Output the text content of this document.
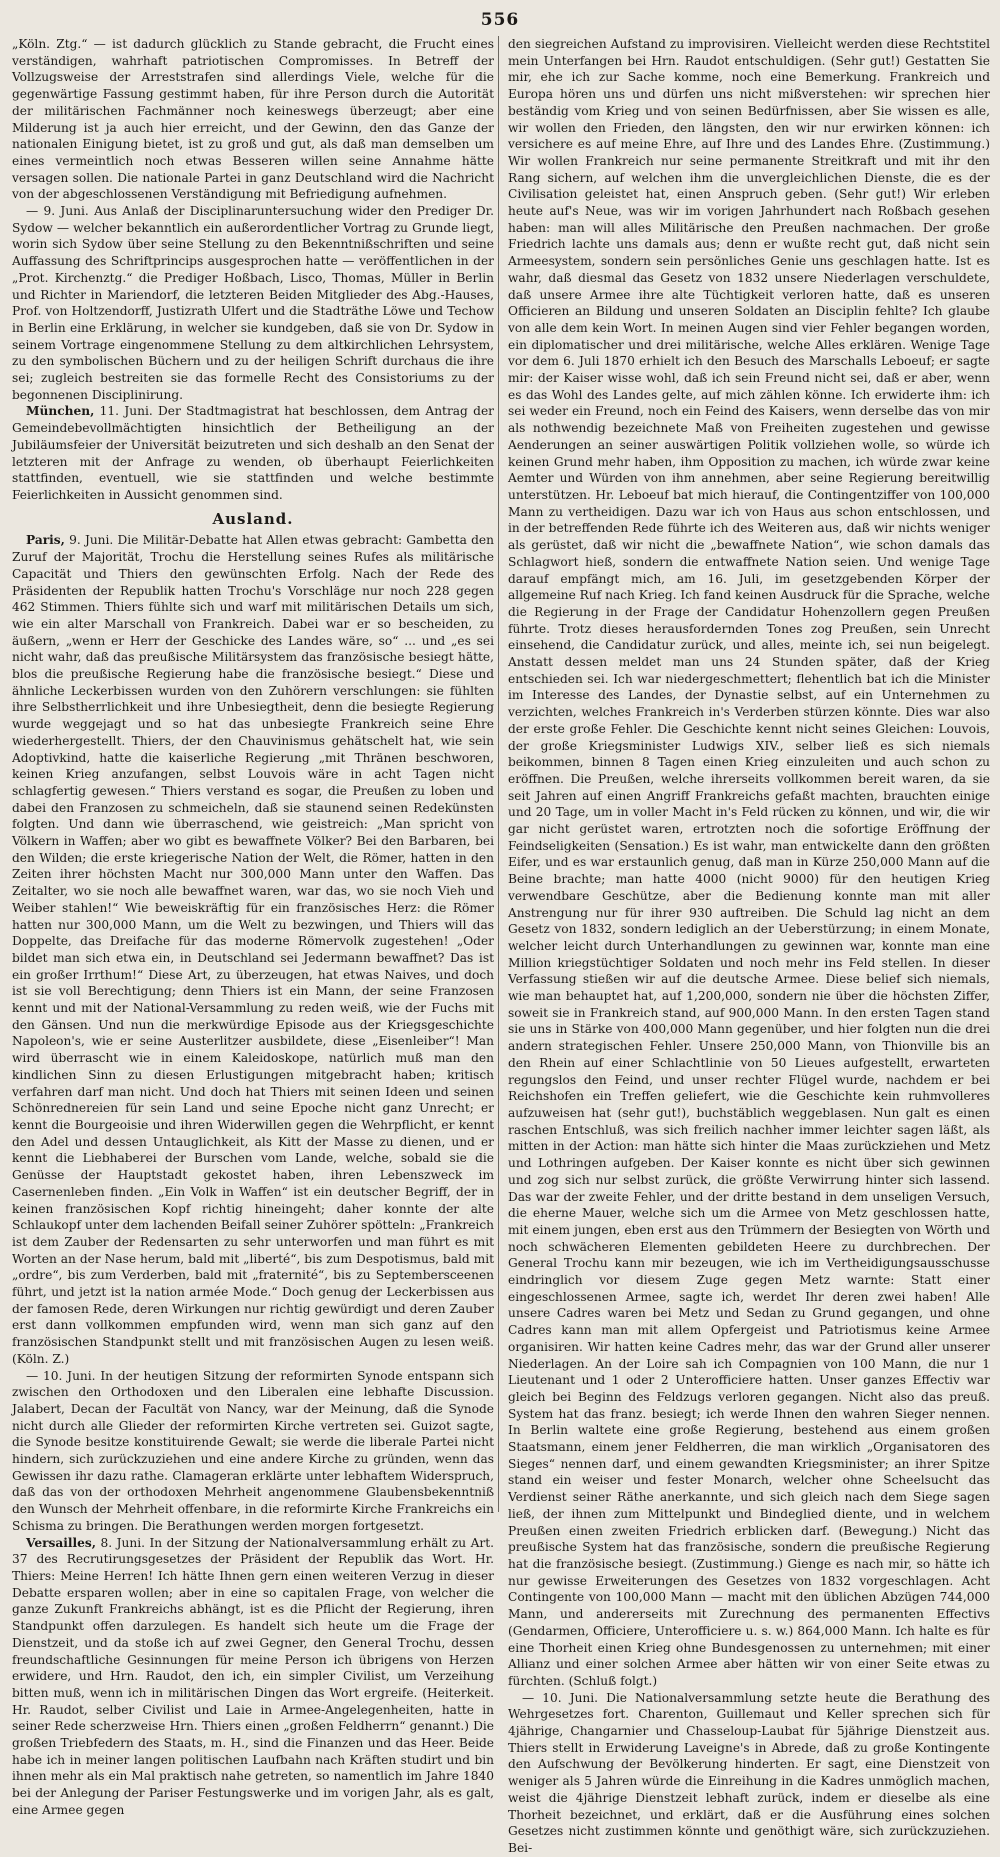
556

„Köln. Ztg.“ — ist dadurch glücklich zu Stande gebracht, die Frucht eines verständigen, wahrhaft patriotischen Compromisses. In Betreff der Vollzugsweise der Arreststrafen sind allerdings Viele, welche für die gegenwärtige Fassung gestimmt haben, für ihre Person durch die Autorität der militärischen Fachmänner noch keineswegs überzeugt; aber eine Milderung ist ja auch hier erreicht, und der Gewinn, den das Ganze der nationalen Einigung bietet, ist zu groß und gut, als daß man demselben um eines vermeintlich noch etwas Besseren willen seine Annahme hätte versagen sollen. Die nationale Partei in ganz Deutschland wird die Nachricht von der abgeschlossenen Verständigung mit Befriedigung aufnehmen.

— 9. Juni. Aus Anlaß der Disciplinaruntersuchung wider den Prediger Dr. Sydow — welcher bekanntlich ein außerordentlicher Vortrag zu Grunde liegt, worin sich Sydow über seine Stellung zu den Bekenntnißschriften und seine Auffassung des Schriftprincips ausgesprochen hatte — veröffentlichen in der „Prot. Kirchenztg.“ die Prediger Hoßbach, Lisco, Thomas, Müller in Berlin und Richter in Mariendorf, die letzteren Beiden Mitglieder des Abg.-Hauses, Prof. von Holtzendorff, Justizrath Ulfert und die Stadträthe Löwe und Techow in Berlin eine Erklärung, in welcher sie kundgeben, daß sie von Dr. Sydow in seinem Vortrage eingenommene Stellung zu dem altkirchlichen Lehrsystem, zu den symbolischen Büchern und zu der heiligen Schrift durchaus die ihre sei; zugleich bestreiten sie das formelle Recht des Consistoriums zu der begonnenen Disciplinirung.

München, 11. Juni. Der Stadtmagistrat hat beschlossen, dem Antrag der Gemeindebevollmächtigten hinsichtlich der Betheiligung an der Jubiläumsfeier der Universität beizutreten und sich deshalb an den Senat der letzteren mit der Anfrage zu wenden, ob überhaupt Feierlichkeiten stattfinden, eventuell, wie sie stattfinden und welche bestimmte Feierlichkeiten in Aussicht genommen sind.

Ausland.

Paris, 9. Juni. Die Militär-Debatte hat Allen etwas gebracht: Gambetta den Zuruf der Majorität, Trochu die Herstellung seines Rufes als militärische Capacität und Thiers den gewünschten Erfolg. Nach der Rede des Präsidenten der Republik hatten Trochu's Vorschläge nur noch 228 gegen 462 Stimmen. Thiers fühlte sich und warf mit militärischen Details um sich, wie ein alter Marschall von Frankreich. Dabei war er so bescheiden, zu äußern, „wenn er Herr der Geschicke des Landes wäre, so“ ... und „es sei nicht wahr, daß das preußische Militärsystem das französische besiegt hätte, blos die preußische Regierung habe die französische besiegt.“ Diese und ähnliche Leckerbissen wurden von den Zuhörern verschlungen: sie fühlten ihre Selbstherrlichkeit und ihre Unbesiegtheit, denn die besiegte Regierung wurde weggejagt und so hat das unbesiegte Frankreich seine Ehre wiederhergestellt. Thiers, der den Chauvinismus gehätschelt hat, wie sein Adoptivkind, hatte die kaiserliche Regierung „mit Thränen beschworen, keinen Krieg anzufangen, selbst Louvois wäre in acht Tagen nicht schlagfertig gewesen.“ Thiers verstand es sogar, die Preußen zu loben und dabei den Franzosen zu schmeicheln, daß sie staunend seinen Redekünsten folgten. Und dann wie überraschend, wie geistreich: „Man spricht von Völkern in Waffen; aber wo gibt es bewaffnete Völker? Bei den Barbaren, bei den Wilden; die erste kriegerische Nation der Welt, die Römer, hatten in den Zeiten ihrer höchsten Macht nur 300,000 Mann unter den Waffen. Das Zeitalter, wo sie noch alle bewaffnet waren, war das, wo sie noch Vieh und Weiber stahlen!“ Wie beweiskräftig für ein französisches Herz: die Römer hatten nur 300,000 Mann, um die Welt zu bezwingen, und Thiers will das Doppelte, das Dreifache für das moderne Römervolk zugestehen! „Oder bildet man sich etwa ein, in Deutschland sei Jedermann bewaffnet? Das ist ein großer Irrthum!“ Diese Art, zu überzeugen, hat etwas Naives, und doch ist sie voll Berechtigung; denn Thiers ist ein Mann, der seine Franzosen kennt und mit der National-Versammlung zu reden weiß, wie der Fuchs mit den Gänsen. Und nun die merkwürdige Episode aus der Kriegsgeschichte Napoleon's, wie er seine Austerlitzer ausbildete, diese „Eisenleiber“! Man wird überrascht wie in einem Kaleidoskope, natürlich muß man den kindlichen Sinn zu diesen Erlustigungen mitgebracht haben; kritisch verfahren darf man nicht. Und doch hat Thiers mit seinen Ideen und seinen Schönrednereien für sein Land und seine Epoche nicht ganz Unrecht; er kennt die Bourgeoisie und ihren Widerwillen gegen die Wehrpflicht, er kennt den Adel und dessen Untauglichkeit, als Kitt der Masse zu dienen, und er kennt die Liebhaberei der Burschen vom Lande, welche, sobald sie die Genüsse der Hauptstadt gekostet haben, ihren Lebenszweck im Casernenleben finden. „Ein Volk in Waffen“ ist ein deutscher Begriff, der in keinen französischen Kopf richtig hineingeht; daher konnte der alte Schlaukopf unter dem lachenden Beifall seiner Zuhörer spötteln: „Frankreich ist dem Zauber der Redensarten zu sehr unterworfen und man führt es mit Worten an der Nase herum, bald mit „liberté“, bis zum Despotismus, bald mit „ordre“, bis zum Verderben, bald mit „fraternité“, bis zu Septembersceenen führt, und jetzt ist la nation armée Mode.“ Doch genug der Leckerbissen aus der famosen Rede, deren Wirkungen nur richtig gewürdigt und deren Zauber erst dann vollkommen empfunden wird, wenn man sich ganz auf den französischen Standpunkt stellt und mit französischen Augen zu lesen weiß. (Köln. Z.)

— 10. Juni. In der heutigen Sitzung der reformirten Synode entspann sich zwischen den Orthodoxen und den Liberalen eine lebhafte Discussion. Jalabert, Decan der Facultät von Nancy, war der Meinung, daß die Synode nicht durch alle Glieder der reformirten Kirche vertreten sei. Guizot sagte, die Synode besitze konstituirende Gewalt; sie werde die liberale Partei nicht hindern, sich zurückzuziehen und eine andere Kirche zu gründen, wenn das Gewissen ihr dazu rathe. Clamageran erklärte unter lebhaftem Widerspruch, daß das von der orthodoxen Mehrheit angenommene Glaubensbekenntniß den Wunsch der Mehrheit offenbare, in die reformirte Kirche Frankreichs ein Schisma zu bringen. Die Berathungen werden morgen fortgesetzt.

Versailles, 8. Juni. In der Sitzung der Nationalversammlung erhält zu Art. 37 des Recrutirungsgesetzes der Präsident der Republik das Wort. Hr. Thiers: Meine Herren! Ich hätte Ihnen gern einen weiteren Verzug in dieser Debatte ersparen wollen; aber in eine so capitalen Frage, von welcher die ganze Zukunft Frankreichs abhängt, ist es die Pflicht der Regierung, ihren Standpunkt offen darzulegen. Es handelt sich heute um die Frage der Dienstzeit, und da stoße ich auf zwei Gegner, den General Trochu, dessen freundschaftliche Gesinnungen für meine Person ich übrigens von Herzen erwidere, und Hrn. Raudot, den ich, ein simpler Civilist, um Verzeihung bitten muß, wenn ich in militärischen Dingen das Wort ergreife. (Heiterkeit. Hr. Raudot, selber Civilist und Laie in Armee-Angelegenheiten, hatte in seiner Rede scherzweise Hrn. Thiers einen „großen Feldherrn“ genannt.) Die großen Triebfedern des Staats, m. H., sind die Finanzen und das Heer. Beide habe ich in meiner langen politischen Laufbahn nach Kräften studirt und bin ihnen mehr als ein Mal praktisch nahe getreten, so namentlich im Jahre 1840 bei der Anlegung der Pariser Festungswerke und im vorigen Jahr, als es galt, eine Armee gegen

den siegreichen Aufstand zu improvisiren. Vielleicht werden diese Rechtstitel mein Unterfangen bei Hrn. Raudot entschuldigen. (Sehr gut!) Gestatten Sie mir, ehe ich zur Sache komme, noch eine Bemerkung. Frankreich und Europa hören uns und dürfen uns nicht mißverstehen: wir sprechen hier beständig vom Krieg und von seinen Bedürfnissen, aber Sie wissen es alle, wir wollen den Frieden, den längsten, den wir nur erwirken können: ich versichere es auf meine Ehre, auf Ihre und des Landes Ehre. (Zustimmung.) Wir wollen Frankreich nur seine permanente Streitkraft und mit ihr den Rang sichern, auf welchen ihm die unvergleichlichen Dienste, die es der Civilisation geleistet hat, einen Anspruch geben. (Sehr gut!) Wir erleben heute auf's Neue, was wir im vorigen Jahrhundert nach Roßbach gesehen haben: man will alles Militärische den Preußen nachmachen. Der große Friedrich lachte uns damals aus; denn er wußte recht gut, daß nicht sein Armeesystem, sondern sein persönliches Genie uns geschlagen hatte. Ist es wahr, daß diesmal das Gesetz von 1832 unsere Niederlagen verschuldete, daß unsere Armee ihre alte Tüchtigkeit verloren hatte, daß es unseren Officieren an Bildung und unseren Soldaten an Disciplin fehlte? Ich glaube von alle dem kein Wort. In meinen Augen sind vier Fehler begangen worden, ein diplomatischer und drei militärische, welche Alles erklären. Wenige Tage vor dem 6. Juli 1870 erhielt ich den Besuch des Marschalls Leboeuf; er sagte mir: der Kaiser wisse wohl, daß ich sein Freund nicht sei, daß er aber, wenn es das Wohl des Landes gelte, auf mich zählen könne. Ich erwiderte ihm: ich sei weder ein Freund, noch ein Feind des Kaisers, wenn derselbe das von mir als nothwendig bezeichnete Maß von Freiheiten zugestehen und gewisse Aenderungen an seiner auswärtigen Politik vollziehen wolle, so würde ich keinen Grund mehr haben, ihm Opposition zu machen, ich würde zwar keine Aemter und Würden von ihm annehmen, aber seine Regierung bereitwillig unterstützen. Hr. Leboeuf bat mich hierauf, die Contingentziffer von 100,000 Mann zu vertheidigen. Dazu war ich von Haus aus schon entschlossen, und in der betreffenden Rede führte ich des Weiteren aus, daß wir nichts weniger als gerüstet, daß wir nicht die „bewaffnete Nation“, wie schon damals das Schlagwort hieß, sondern die entwaffnete Nation seien. Und wenige Tage darauf empfängt mich, am 16. Juli, im gesetzgebenden Körper der allgemeine Ruf nach Krieg. Ich fand keinen Ausdruck für die Sprache, welche die Regierung in der Frage der Candidatur Hohenzollern gegen Preußen führte. Trotz dieses herausfordernden Tones zog Preußen, sein Unrecht einsehend, die Candidatur zurück, und alles, meinte ich, sei nun beigelegt. Anstatt dessen meldet man uns 24 Stunden später, daß der Krieg entschieden sei. Ich war niedergeschmettert; flehentlich bat ich die Minister im Interesse des Landes, der Dynastie selbst, auf ein Unternehmen zu verzichten, welches Frankreich in's Verderben stürzen könnte. Dies war also der erste große Fehler. Die Geschichte kennt nicht seines Gleichen: Louvois, der große Kriegsminister Ludwigs XIV., selber ließ es sich niemals beikommen, binnen 8 Tagen einen Krieg einzuleiten und auch schon zu eröffnen. Die Preußen, welche ihrerseits vollkommen bereit waren, da sie seit Jahren auf einen Angriff Frankreichs gefaßt machten, brauchten einige und 20 Tage, um in voller Macht in's Feld rücken zu können, und wir, die wir gar nicht gerüstet waren, ertrotzten noch die sofortige Eröffnung der Feindseligkeiten (Sensation.) Es ist wahr, man entwickelte dann den größten Eifer, und es war erstaunlich genug, daß man in Kürze 250,000 Mann auf die Beine brachte; man hatte 4000 (nicht 9000) für den heutigen Krieg verwendbare Geschütze, aber die Bedienung konnte man mit aller Anstrengung nur für ihrer 930 auftreiben. Die Schuld lag nicht an dem Gesetz von 1832, sondern lediglich an der Ueberstürzung; in einem Monate, welcher leicht durch Unterhandlungen zu gewinnen war, konnte man eine Million kriegstüchtiger Soldaten und noch mehr ins Feld stellen. In dieser Verfassung stießen wir auf die deutsche Armee. Diese belief sich niemals, wie man behauptet hat, auf 1,200,000, sondern nie über die höchsten Ziffer, soweit sie in Frankreich stand, auf 900,000 Mann. In den ersten Tagen stand sie uns in Stärke von 400,000 Mann gegenüber, und hier folgten nun die drei andern strategischen Fehler. Unsere 250,000 Mann, von Thionville bis an den Rhein auf einer Schlachtlinie von 50 Lieues aufgestellt, erwarteten regungslos den Feind, und unser rechter Flügel wurde, nachdem er bei Reichshofen ein Treffen geliefert, wie die Geschichte kein ruhmvolleres aufzuweisen hat (sehr gut!), buchstäblich weggeblasen. Nun galt es einen raschen Entschluß, was sich freilich nachher immer leichter sagen läßt, als mitten in der Action: man hätte sich hinter die Maas zurückziehen und Metz und Lothringen aufgeben. Der Kaiser konnte es nicht über sich gewinnen und zog sich nur selbst zurück, die größte Verwirrung hinter sich lassend. Das war der zweite Fehler, und der dritte bestand in dem unseligen Versuch, die eherne Mauer, welche sich um die Armee von Metz geschlossen hatte, mit einem jungen, eben erst aus den Trümmern der Besiegten von Wörth und noch schwächeren Elementen gebildeten Heere zu durchbrechen. Der General Trochu kann mir bezeugen, wie ich im Vertheidigungsausschusse eindringlich vor diesem Zuge gegen Metz warnte: Statt einer eingeschlossenen Armee, sagte ich, werdet Ihr deren zwei haben! Alle unsere Cadres waren bei Metz und Sedan zu Grund gegangen, und ohne Cadres kann man mit allem Opfergeist und Patriotismus keine Armee organisiren. Wir hatten keine Cadres mehr, das war der Grund aller unserer Niederlagen. An der Loire sah ich Compagnien von 100 Mann, die nur 1 Lieutenant und 1 oder 2 Unterofficiere hatten. Unser ganzes Effectiv war gleich bei Beginn des Feldzugs verloren gegangen. Nicht also das preuß. System hat das franz. besiegt; ich werde Ihnen den wahren Sieger nennen. In Berlin waltete eine große Regierung, bestehend aus einem großen Staatsmann, einem jener Feldherren, die man wirklich „Organisatoren des Sieges“ nennen darf, und einem gewandten Kriegsminister; an ihrer Spitze stand ein weiser und fester Monarch, welcher ohne Scheelsucht das Verdienst seiner Räthe anerkannte, und sich gleich nach dem Siege sagen ließ, der ihnen zum Mittelpunkt und Bindeglied diente, und in welchem Preußen einen zweiten Friedrich erblicken darf. (Bewegung.) Nicht das preußische System hat das französische, sondern die preußische Regierung hat die französische besiegt. (Zustimmung.) Gienge es nach mir, so hätte ich nur gewisse Erweiterungen des Gesetzes von 1832 vorgeschlagen. Acht Contingente von 100,000 Mann — macht mit den üblichen Abzügen 744,000 Mann, und andererseits mit Zurechnung des permanenten Effectivs (Gendarmen, Officiere, Unterofficiere u. s. w.) 864,000 Mann. Ich halte es für eine Thorheit einen Krieg ohne Bundesgenossen zu unternehmen; mit einer Allianz und einer solchen Armee aber hätten wir von einer Seite etwas zu fürchten. (Schluß folgt.)

— 10. Juni. Die Nationalversammlung setzte heute die Berathung des Wehrgesetzes fort. Charenton, Guillemaut und Keller sprechen sich für 4jährige, Changarnier und Chasseloup-Laubat für 5jährige Dienstzeit aus. Thiers stellt in Erwiderung Laveigne's in Abrede, daß zu große Kontingente den Aufschwung der Bevölkerung hinderten. Er sagt, eine Dienstzeit von weniger als 5 Jahren würde die Einreihung in die Kadres unmöglich machen, weist die 4jährige Dienstzeit lebhaft zurück, indem er dieselbe als eine Thorheit bezeichnet, und erklärt, daß er die Ausführung eines solchen Gesetzes nicht zustimmen könnte und genöthigt wäre, sich zurückzuziehen. Bei-
